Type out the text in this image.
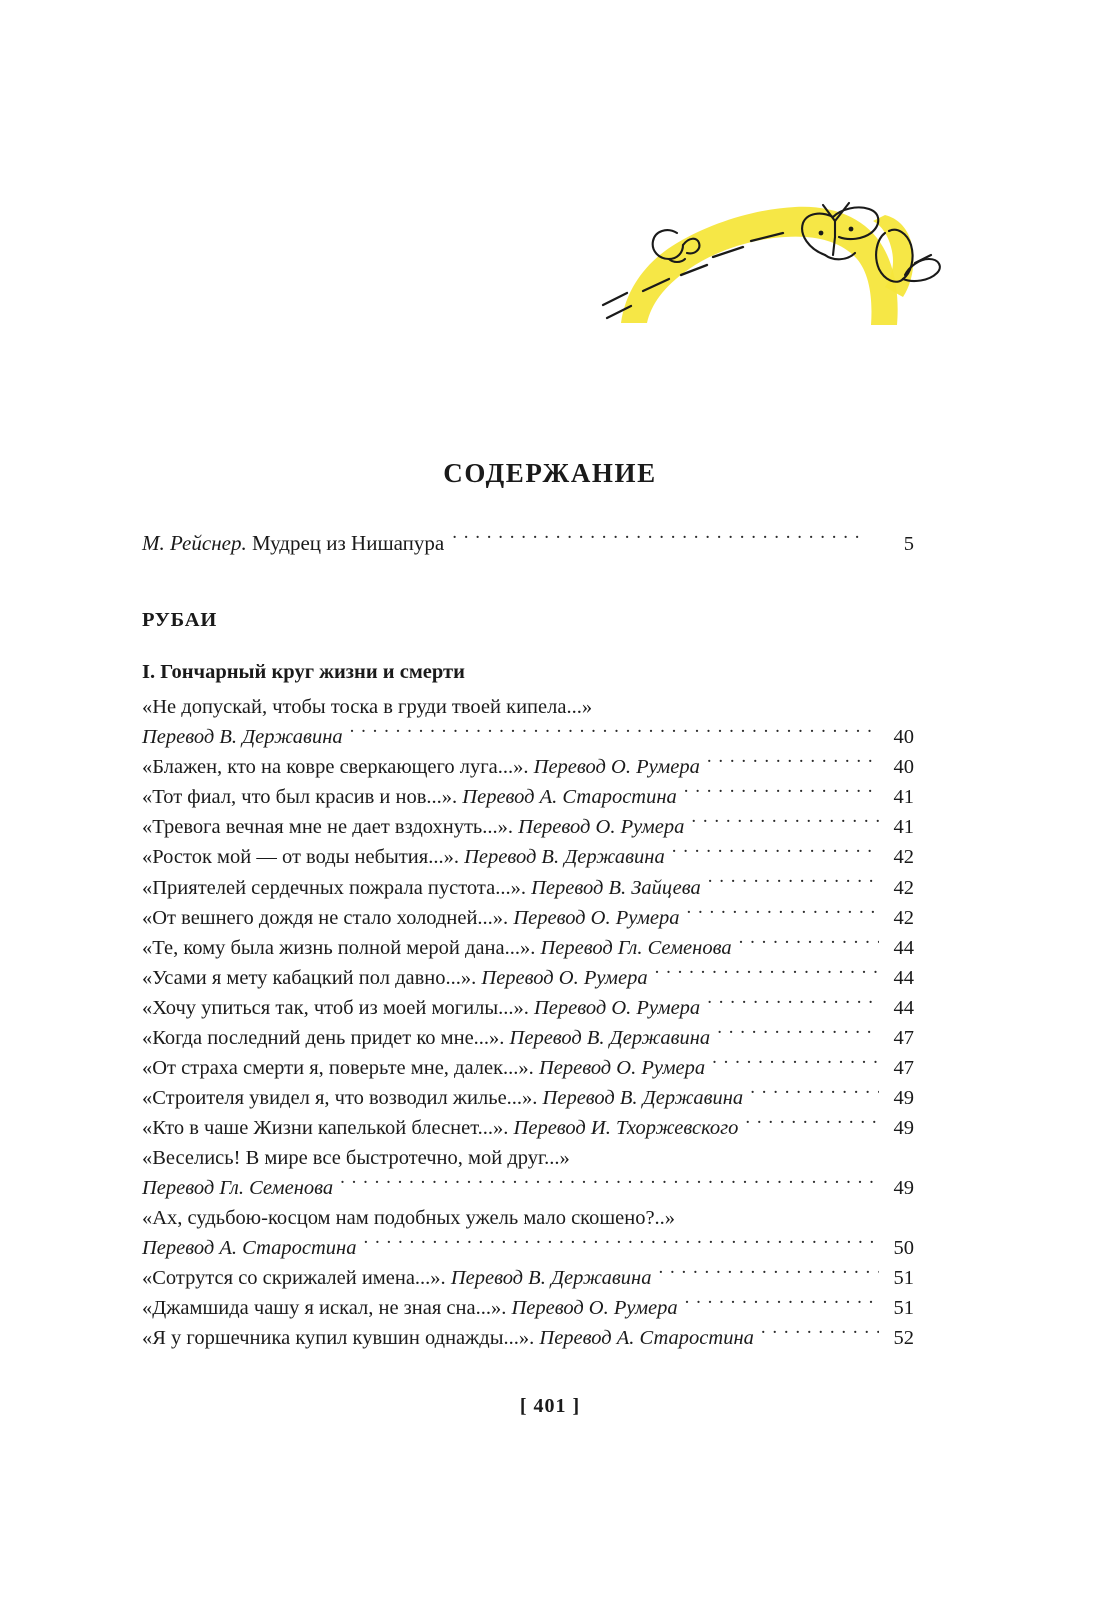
СОДЕРЖАНИЕ
М. Рейснер. Мудрец из Нишапура . . .	5
РУБАИ
I. Гончарный круг жизни и смерти
«Не допускай, чтобы тоска в груди твоей кипела...»
Перевод В. Державина . . .	40
«Блажен, кто на ковре сверкающего луга...». Перевод О. Румера . . .	40
«Тот фиал, что был красив и нов...». Перевод А. Старостина . . .	41
«Тревога вечная мне не дает вздохнуть...». Перевод О. Румера . . .	41
«Росток мой — от воды небытия...». Перевод В. Державина . . .	42
«Приятелей сердечных пожрала пустота...». Перевод В. Зайцева . . .	42
«От вешнего дождя не стало холодней...». Перевод О. Румера . . .	42
«Те, кому была жизнь полной мерой дана...». Перевод Гл. Семенова . . .	44
«Усами я мету кабацкий пол давно...». Перевод О. Румера . . .	44
«Хочу упиться так, чтоб из моей могилы...». Перевод О. Румера . . .	44
«Когда последний день придет ко мне...». Перевод В. Державина . . .	47
«От страха смерти я, поверьте мне, далек...». Перевод О. Румера . . .	47
«Строителя увидел я, что возводил жилье...». Перевод В. Державина . . .	49
«Кто в чаше Жизни капелькой блеснет...». Перевод И. Тхоржевского . . .	49
«Веселись! В мире все быстротечно, мой друг...»
Перевод Гл. Семенова . . .	49
«Ах, судьбою-косцом нам подобных ужель мало скошено?..»
Перевод А. Старостина . . .	50
«Сотрутся со скрижалей имена...». Перевод В. Державина . . .	51
«Джамшида чашу я искал, не зная сна...». Перевод О. Румера . . .	51
«Я у горшечника купил кувшин однажды...». Перевод А. Старостина . . .	52
[ 401 ]
